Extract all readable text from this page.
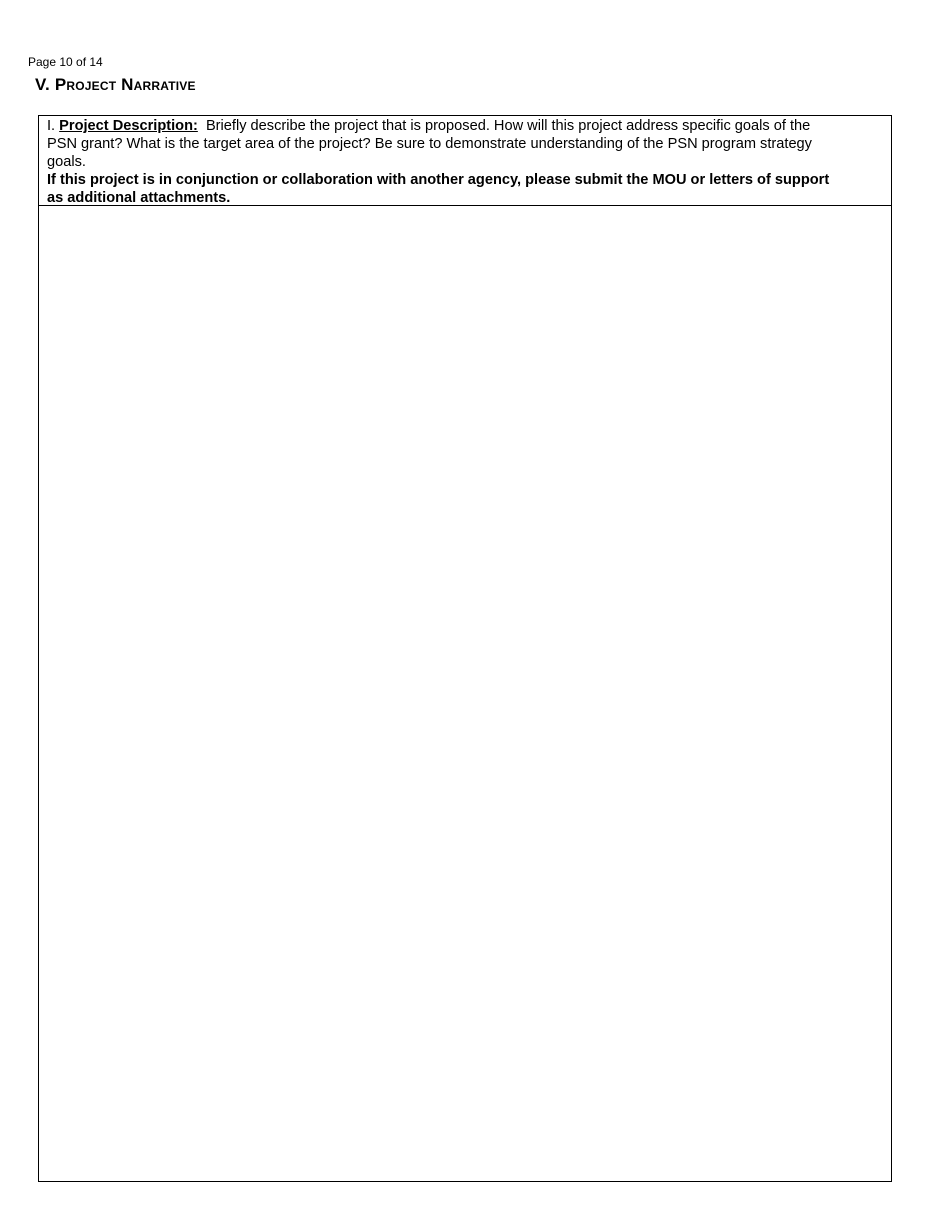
Page 10 of 14
V. Project Narrative
I. Project Description: Briefly describe the project that is proposed. How will this project address specific goals of the PSN grant? What is the target area of the project? Be sure to demonstrate understanding of the PSN program strategy goals.
If this project is in conjunction or collaboration with another agency, please submit the MOU or letters of support as additional attachments.
